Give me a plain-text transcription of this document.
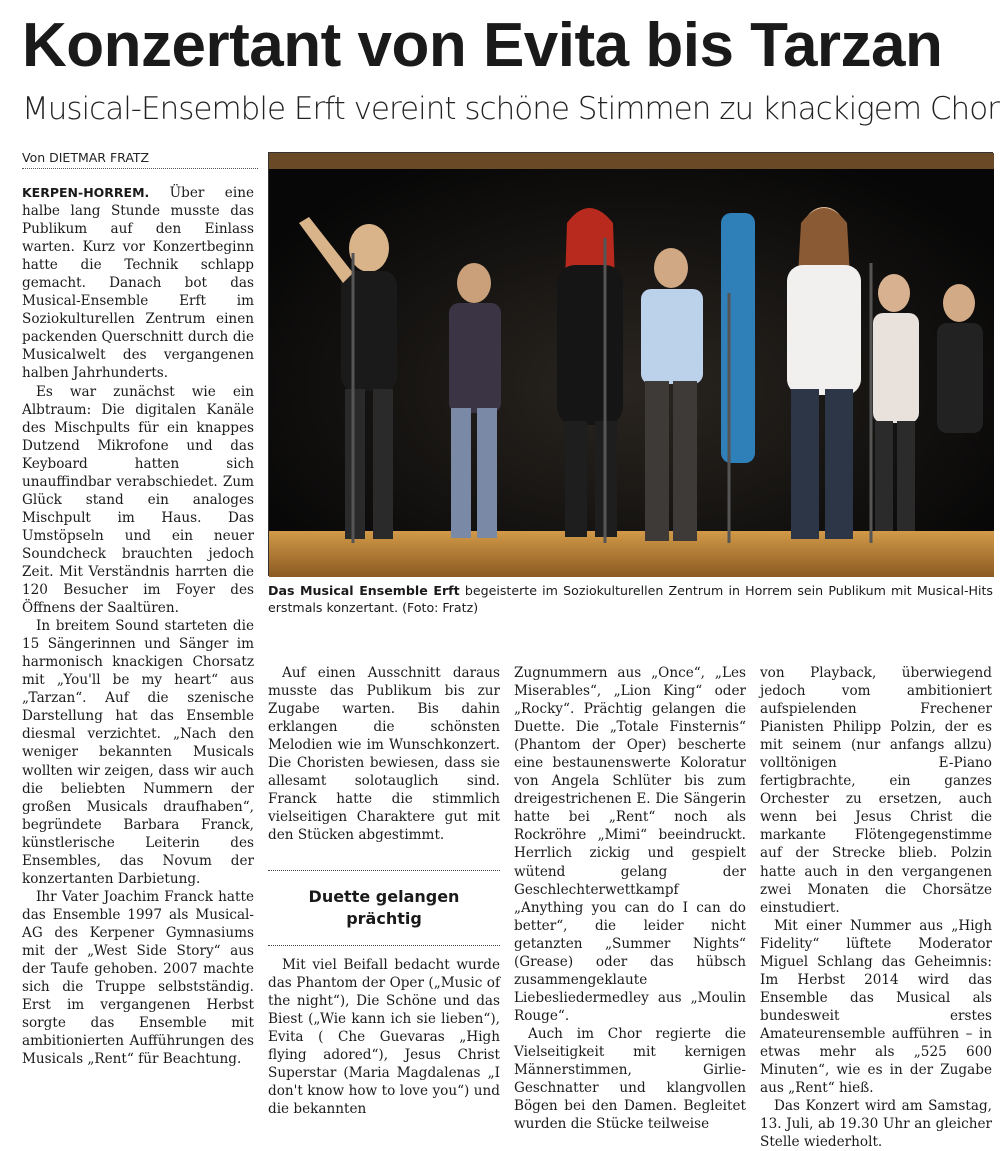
Konzertant von Evita bis Tarzan
Musical-Ensemble Erft vereint schöne Stimmen zu knackigem Chor
Von DIETMAR FRATZ

KERPEN-HORREM. Über eine halbe lang Stunde musste das Publikum auf den Einlass warten. Kurz vor Konzertbeginn hatte die Technik schlapp gemacht. Danach bot das Musical-Ensemble Erft im Soziokulturellen Zentrum einen packenden Querschnitt durch die Musicalwelt des vergangenen halben Jahrhunderts.

Es war zunächst wie ein Albtraum: Die digitalen Kanäle des Mischpults für ein knappes Dutzend Mikrofone und das Keyboard hatten sich unauffindbar verabschiedet. Zum Glück stand ein analoges Mischpult im Haus. Das Umstöpseln und ein neuer Soundcheck brauchten jedoch Zeit. Mit Verständnis harrten die 120 Besucher im Foyer des Öffnens der Saaltüren.

In breitem Sound starteten die 15 Sängerinnen und Sänger im harmonisch knackigen Chorsatz mit „You'll be my heart“ aus „Tarzan“. Auf die szenische Darstellung hat das Ensemble diesmal verzichtet. „Nach den weniger bekannten Musicals wollten wir zeigen, dass wir auch die beliebten Nummern der großen Musicals draufhaben“, begründete Barbara Franck, künstlerische Leiterin des Ensembles, das Novum der konzertanten Darbietung.

Ihr Vater Joachim Franck hatte das Ensemble 1997 als Musical-AG des Kerpener Gymnasiums mit der „West Side Story“ aus der Taufe gehoben. 2007 machte sich die Truppe selbstständig. Erst im vergangenen Herbst sorgte das Ensemble mit ambitionierten Aufführungen des Musicals „Rent“ für Beachtung.

Das Musical Ensemble Erft begeisterte im Soziokulturellen Zentrum in Horrem sein Publikum mit Musical-Hits erstmals konzertant. (Foto: Fratz)

Auf einen Ausschnitt daraus musste das Publikum bis zur Zugabe warten. Bis dahin erklangen die schönsten Melodien wie im Wunschkonzert. Die Choristen bewiesen, dass sie allesamt solotauglich sind. Franck hatte die stimmlich vielseitigen Charaktere gut mit den Stücken abgestimmt.

Duette gelangen prächtig

Mit viel Beifall bedacht wurde das Phantom der Oper („Music of the night“), Die Schöne und das Biest („Wie kann ich sie lieben“), Evita ( Che Guevaras „High flying adored“), Jesus Christ Superstar (Maria Magdalenas „I don't know how to love you“) und die bekannten

Zugnummern aus „Once“, „Les Miserables“, „Lion King“ oder „Rocky“. Prächtig gelangen die Duette. Die „Totale Finsternis“ (Phantom der Oper) bescherte eine bestaunenswerte Koloratur von Angela Schlüter bis zum dreigestrichenen E. Die Sängerin hatte bei „Rent“ noch als Rockröhre „Mimi“ beeindruckt. Herrlich zickig und gespielt wütend gelang der Geschlechterwettkampf „Anything you can do I can do better“, die leider nicht getanzten „Summer Nights“ (Grease) oder das hübsch zusammengeklaute Liebesliedermedley aus „Moulin Rouge“.

Auch im Chor regierte die Vielseitigkeit mit kernigen Männerstimmen, Girlie-Geschnatter und klangvollen Bögen bei den Damen. Begleitet wurden die Stücke teilweise

von Playback, überwiegend jedoch vom ambitioniert aufspielenden Frechener Pianisten Philipp Polzin, der es mit seinem (nur anfangs allzu) volltönigen E-Piano fertigbrachte, ein ganzes Orchester zu ersetzen, auch wenn bei Jesus Christ die markante Flötengegenstimme auf der Strecke blieb. Polzin hatte auch in den vergangenen zwei Monaten die Chorsätze einstudiert.

Mit einer Nummer aus „High Fidelity“ lüftete Moderator Miguel Schlang das Geheimnis: Im Herbst 2014 wird das Ensemble das Musical als bundesweit erstes Amateurensemble aufführen – in etwas mehr als „525 600 Minuten“, wie es in der Zugabe aus „Rent“ hieß.

Das Konzert wird am Samstag, 13. Juli, ab 19.30 Uhr an gleicher Stelle wiederholt.
